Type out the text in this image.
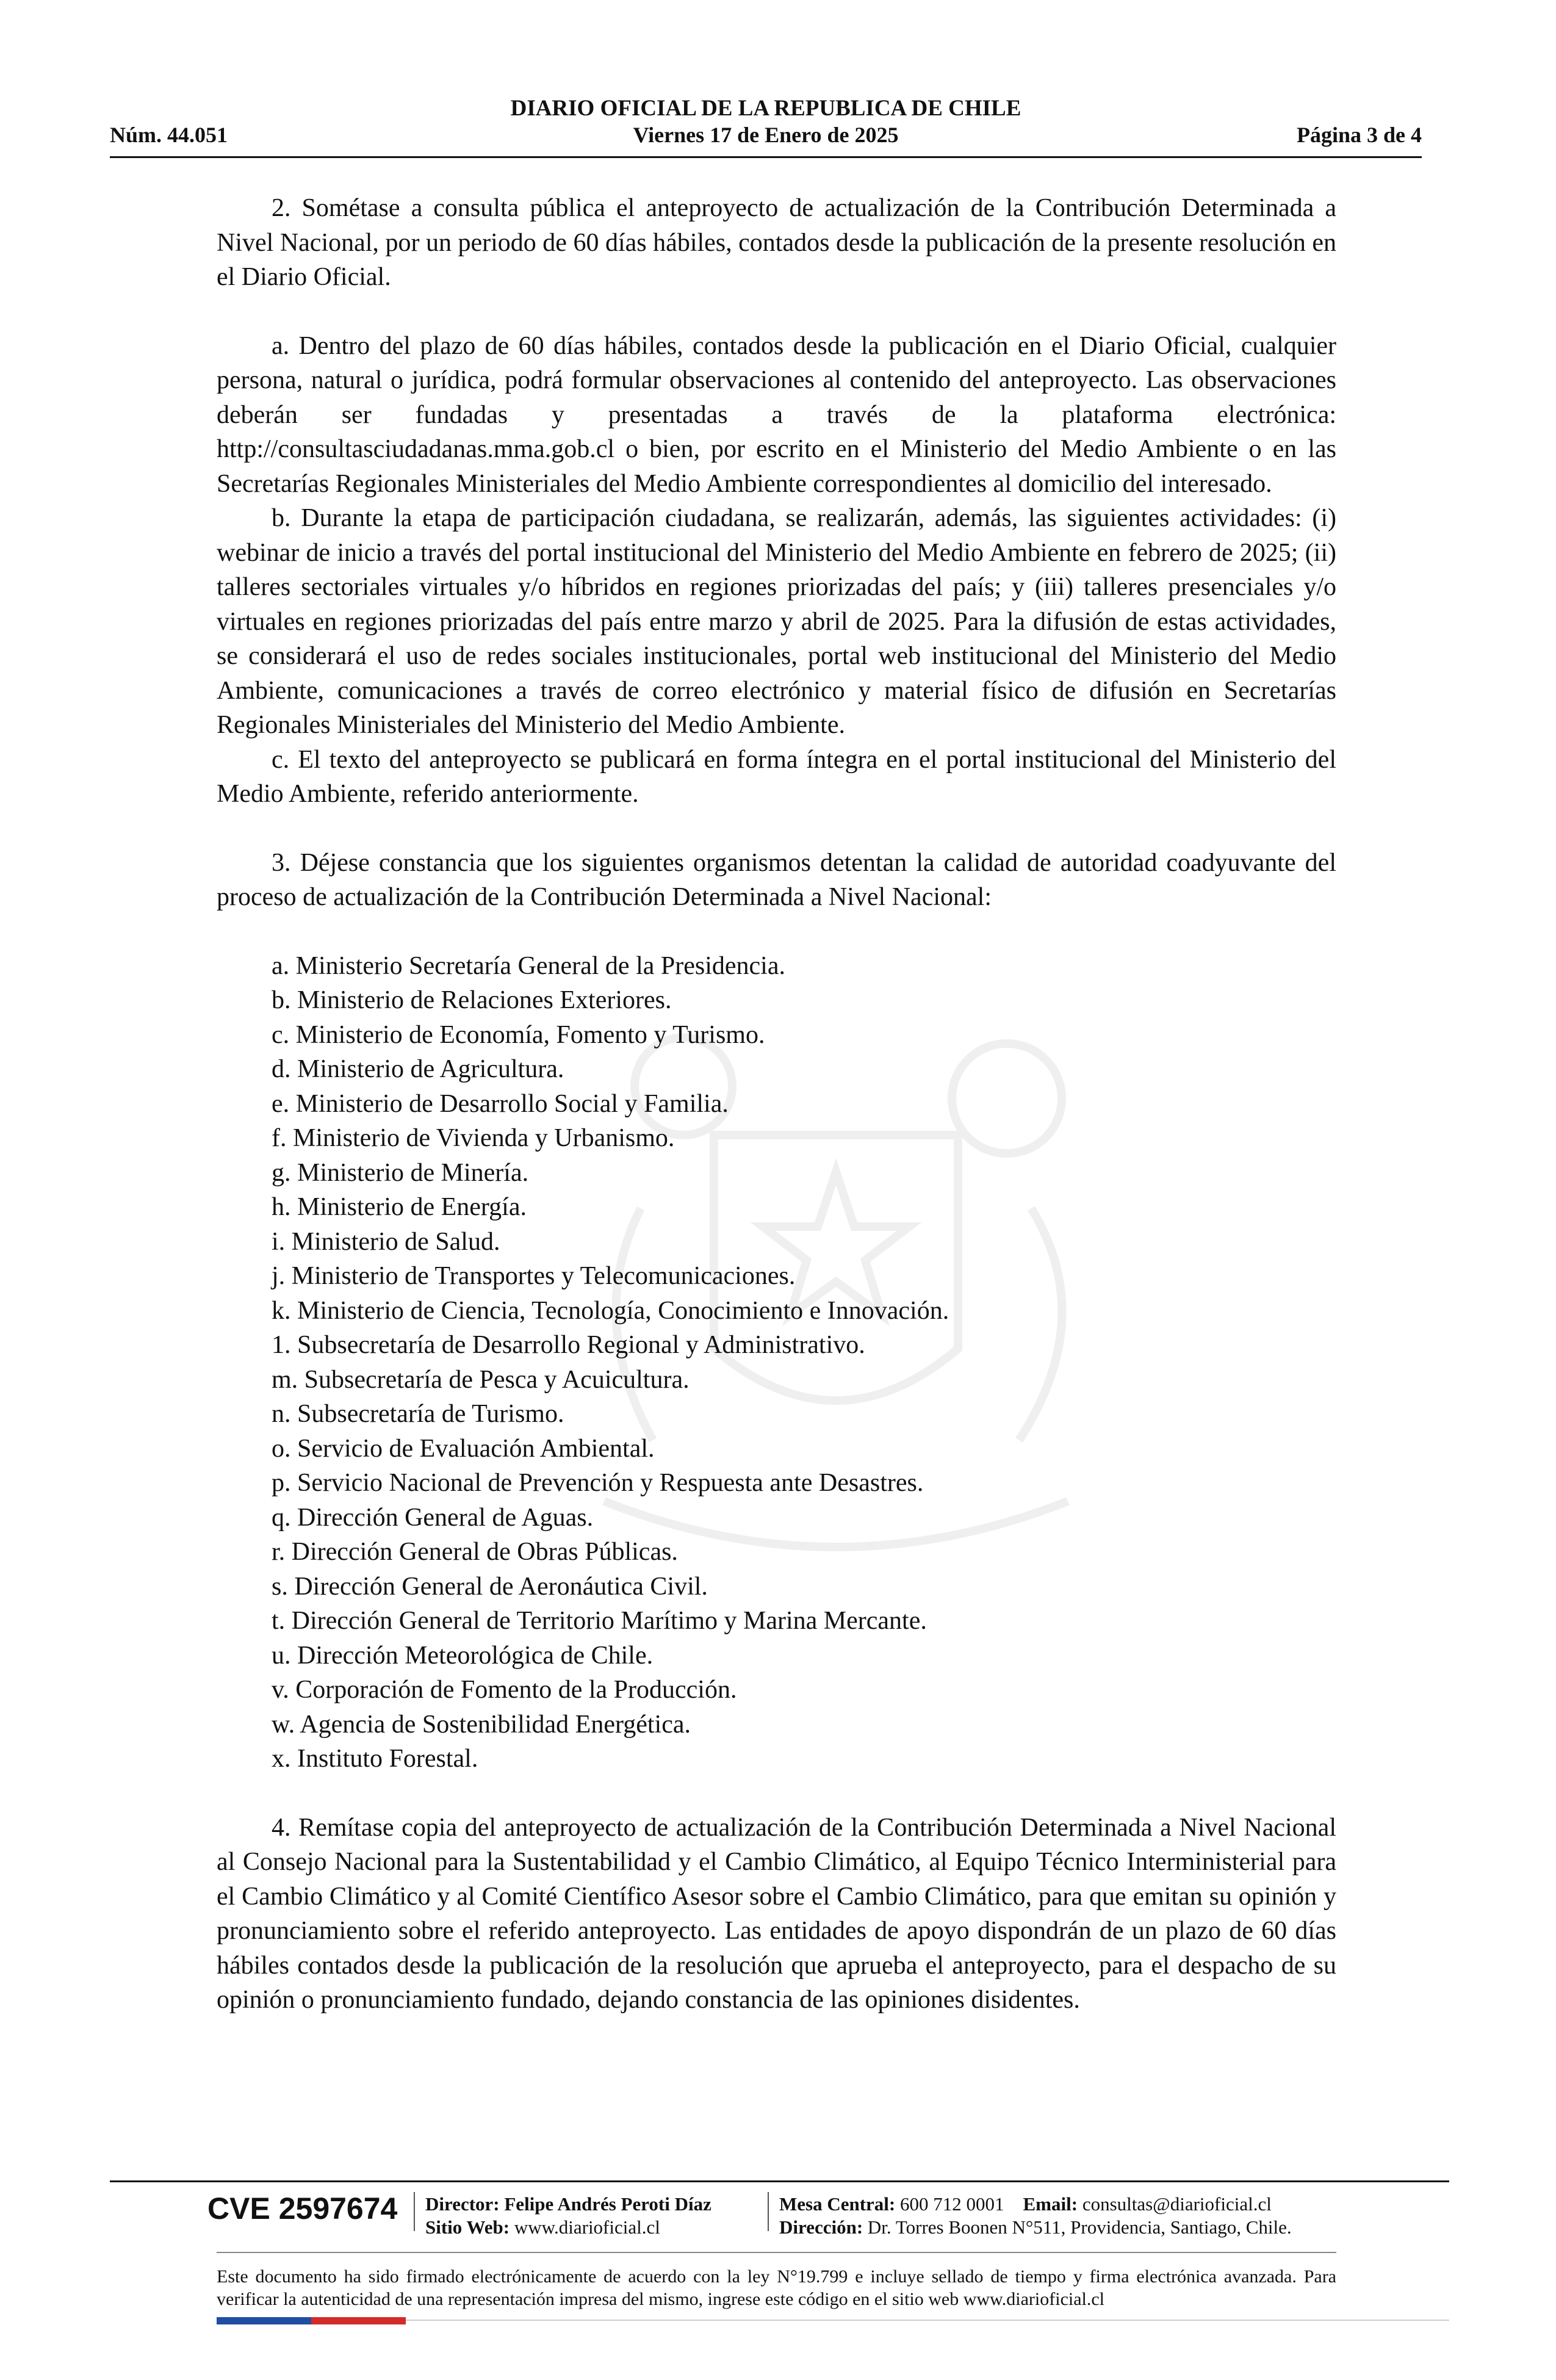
Núm. 44.051
DIARIO OFICIAL DE LA REPUBLICA DE CHILE
Viernes 17 de Enero de 2025	Página 3 de 4

2. Sométase a consulta pública el anteproyecto de actualización de la Contribución Determinada a Nivel Nacional, por un periodo de 60 días hábiles, contados desde la publicación de la presente resolución en el Diario Oficial.

a. Dentro del plazo de 60 días hábiles, contados desde la publicación en el Diario Oficial, cualquier persona, natural o jurídica, podrá formular observaciones al contenido del anteproyecto. Las observaciones deberán ser fundadas y presentadas a través de la plataforma electrónica: http://consultasciudadanas.mma.gob.cl o bien, por escrito en el Ministerio del Medio Ambiente o en las Secretarías Regionales Ministeriales del Medio Ambiente correspondientes al domicilio del interesado.

b. Durante la etapa de participación ciudadana, se realizarán, además, las siguientes actividades: (i) webinar de inicio a través del portal institucional del Ministerio del Medio Ambiente en febrero de 2025; (ii) talleres sectoriales virtuales y/o híbridos en regiones priorizadas del país; y (iii) talleres presenciales y/o virtuales en regiones priorizadas del país entre marzo y abril de 2025. Para la difusión de estas actividades, se considerará el uso de redes sociales institucionales, portal web institucional del Ministerio del Medio Ambiente, comunicaciones a través de correo electrónico y material físico de difusión en Secretarías Regionales Ministeriales del Ministerio del Medio Ambiente.

c. El texto del anteproyecto se publicará en forma íntegra en el portal institucional del Ministerio del Medio Ambiente, referido anteriormente.

3. Déjese constancia que los siguientes organismos detentan la calidad de autoridad coadyuvante del proceso de actualización de la Contribución Determinada a Nivel Nacional:

a. Ministerio Secretaría General de la Presidencia.
b. Ministerio de Relaciones Exteriores.
c. Ministerio de Economía, Fomento y Turismo.
d. Ministerio de Agricultura.
e. Ministerio de Desarrollo Social y Familia.
f. Ministerio de Vivienda y Urbanismo.
g. Ministerio de Minería.
h. Ministerio de Energía.
i. Ministerio de Salud.
j. Ministerio de Transportes y Telecomunicaciones.
k. Ministerio de Ciencia, Tecnología, Conocimiento e Innovación.
1. Subsecretaría de Desarrollo Regional y Administrativo.
m. Subsecretaría de Pesca y Acuicultura.
n. Subsecretaría de Turismo.
o. Servicio de Evaluación Ambiental.
p. Servicio Nacional de Prevención y Respuesta ante Desastres.
q. Dirección General de Aguas.
r. Dirección General de Obras Públicas.
s. Dirección General de Aeronáutica Civil.
t. Dirección General de Territorio Marítimo y Marina Mercante.
u. Dirección Meteorológica de Chile.
v. Corporación de Fomento de la Producción.
w. Agencia de Sostenibilidad Energética.
x. Instituto Forestal.

4. Remítase copia del anteproyecto de actualización de la Contribución Determinada a Nivel Nacional al Consejo Nacional para la Sustentabilidad y el Cambio Climático, al Equipo Técnico Interministerial para el Cambio Climático y al Comité Científico Asesor sobre el Cambio Climático, para que emitan su opinión y pronunciamiento sobre el referido anteproyecto. Las entidades de apoyo dispondrán de un plazo de 60 días hábiles contados desde la publicación de la resolución que aprueba el anteproyecto, para el despacho de su opinión o pronunciamiento fundado, dejando constancia de las opiniones disidentes.

CVE 2597674 Director: Felipe Andrés Peroti Díaz
Sitio Web: www.diarioficial.cl
Mesa Central: 600 712 0001 Email: consultas@diarioficial.cl
Dirección: Dr. Torres Boonen N°511, Providencia, Santiago, Chile.
Este documento ha sido firmado electrónicamente de acuerdo con la ley N°19.799 e incluye sellado de tiempo y firma electrónica avanzada. Para verificar la autenticidad de una representación impresa del mismo, ingrese este código en el sitio web www.diarioficial.cl
